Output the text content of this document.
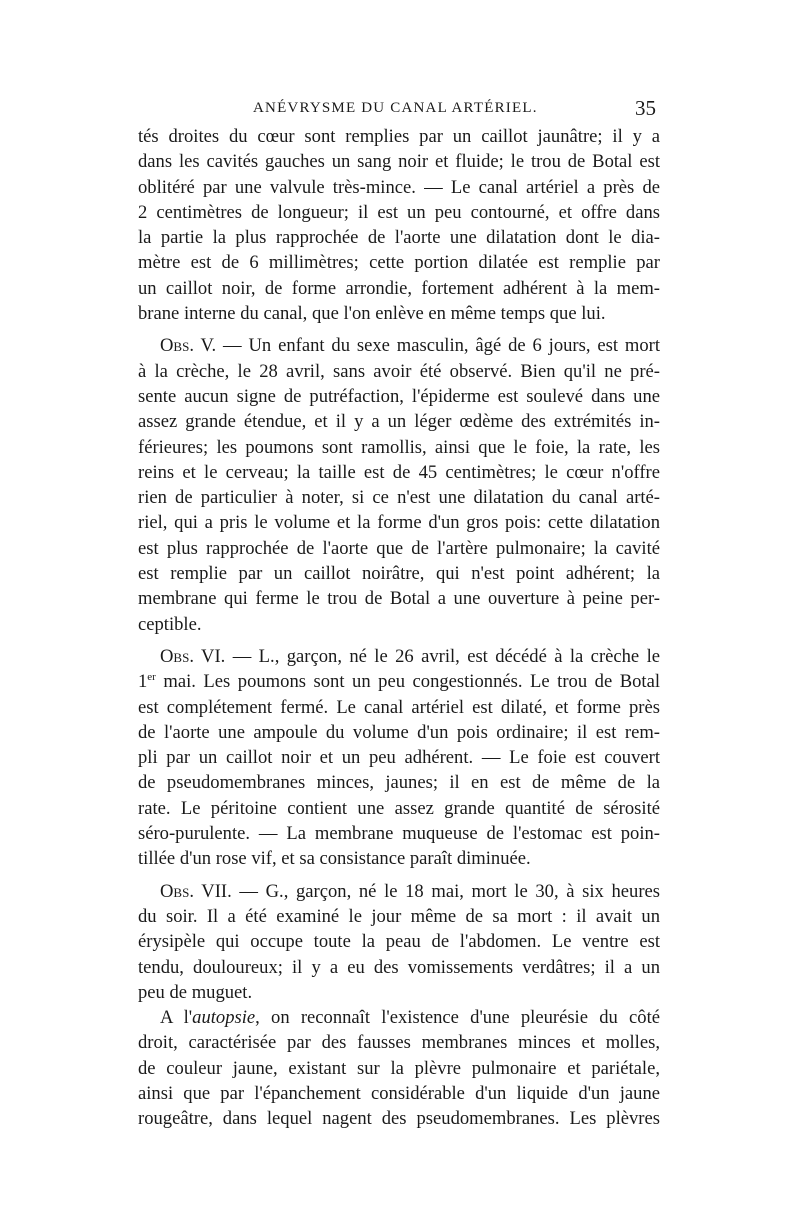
ANÉVRYSME DU CANAL ARTÉRIEL.	35
tés droites du cœur sont remplies par un caillot jaunâtre; il y a
dans les cavités gauches un sang noir et fluide; le trou de Botal est
oblitéré par une valvule très-mince. — Le canal artériel a près de
2 centimètres de longueur; il est un peu contourné, et offre dans
la partie la plus rapprochée de l'aorte une dilatation dont le dia-
mètre est de 6 millimètres; cette portion dilatée est remplie par
un caillot noir, de forme arrondie, fortement adhérent à la mem-
brane interne du canal, que l'on enlève en même temps que lui.
Obs. V. — Un enfant du sexe masculin, âgé de 6 jours, est mort
à la crèche, le 28 avril, sans avoir été observé. Bien qu'il ne pré-
sente aucun signe de putréfaction, l'épiderme est soulevé dans une
assez grande étendue, et il y a un léger œdème des extrémités in-
férieures; les poumons sont ramollis, ainsi que le foie, la rate, les
reins et le cerveau; la taille est de 45 centimètres; le cœur n'offre
rien de particulier à noter, si ce n'est une dilatation du canal arté-
riel, qui a pris le volume et la forme d'un gros pois: cette dilatation
est plus rapprochée de l'aorte que de l'artère pulmonaire; la cavité
est remplie par un caillot noirâtre, qui n'est point adhérent; la
membrane qui ferme le trou de Botal a une ouverture à peine per-
ceptible.
Obs. VI. — L., garçon, né le 26 avril, est décédé à la crèche le
1er mai. Les poumons sont un peu congestionnés. Le trou de Botal
est complétement fermé. Le canal artériel est dilaté, et forme près
de l'aorte une ampoule du volume d'un pois ordinaire; il est rem-
pli par un caillot noir et un peu adhérent. — Le foie est couvert
de pseudomembranes minces, jaunes; il en est de même de la
rate. Le péritoine contient une assez grande quantité de sérosité
séro-purulente. — La membrane muqueuse de l'estomac est poin-
tillée d'un rose vif, et sa consistance paraît diminuée.
Obs. VII. — G., garçon, né le 18 mai, mort le 30, à six heures
du soir. Il a été examiné le jour même de sa mort : il avait un
érysipèle qui occupe toute la peau de l'abdomen. Le ventre est
tendu, douloureux; il y a eu des vomissements verdâtres; il a un
peu de muguet.
A l'autopsie, on reconnaît l'existence d'une pleurésie du côté
droit, caractérisée par des fausses membranes minces et molles,
de couleur jaune, existant sur la plèvre pulmonaire et pariétale,
ainsi que par l'épanchement considérable d'un liquide d'un jaune
rougeâtre, dans lequel nagent des pseudomembranes. Les plèvres
